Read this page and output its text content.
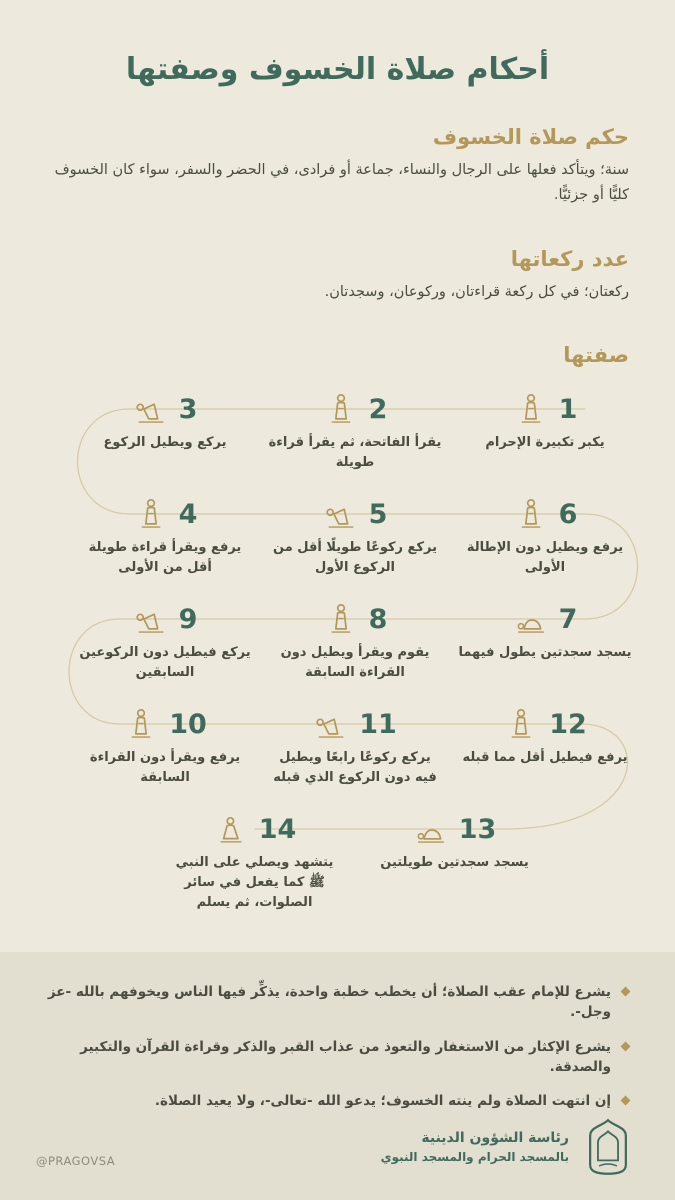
أحكام صلاة الخسوف وصفتها
حكم صلاة الخسوف
سنة؛ ويتأكد فعلها على الرجال والنساء، جماعة أو فرادى، في الحضر والسفر، سواء كان الخسوف كليًّا أو جزئيًّا.
عدد ركعاتها
ركعتان؛ في كل ركعة قراءتان، وركوعان، وسجدتان.
صفتها
3
يركع ويطيل الركوع
2
يقرأ الفاتحة، ثم يقرأ قراءة طويلة
1
يكبر تكبيرة الإحرام
4
يرفع ويقرأ قراءة طويلة أقل من الأولى
5
يركع ركوعًا طويلًا أقل من الركوع الأول
6
يرفع ويطيل دون الإطالة الأولى
9
يركع فيطيل دون الركوعين السابقين
8
يقوم ويقرأ ويطيل دون القراءة السابقة
7
يسجد سجدتين يطول فيهما
10
يرفع ويقرأ دون القراءة السابقة
11
يركع ركوعًا رابعًا ويطيل فيه دون الركوع الذي قبله
12
يرفع فيطيل أقل مما قبله
14
يتشهد ويصلي على النبي ﷺ كما يفعل في سائر الصلوات، ثم يسلم
13
يسجد سجدتين طويلتين
يشرع للإمام عقب الصلاة؛ أن يخطب خطبة واحدة، يذكِّر فيها الناس ويخوفهم بالله -عز وجل-.
يشرع الإكثار من الاستغفار والتعوذ من عذاب القبر والذكر وقراءة القرآن والتكبير والصدقة.
إن انتهت الصلاة ولم ينته الخسوف؛ يدعو الله -تعالى-، ولا يعيد الصلاة.
رئاسة الشؤون الدينية
بالمسجد الحرام والمسجد النبوي
@PRAGOVSA
